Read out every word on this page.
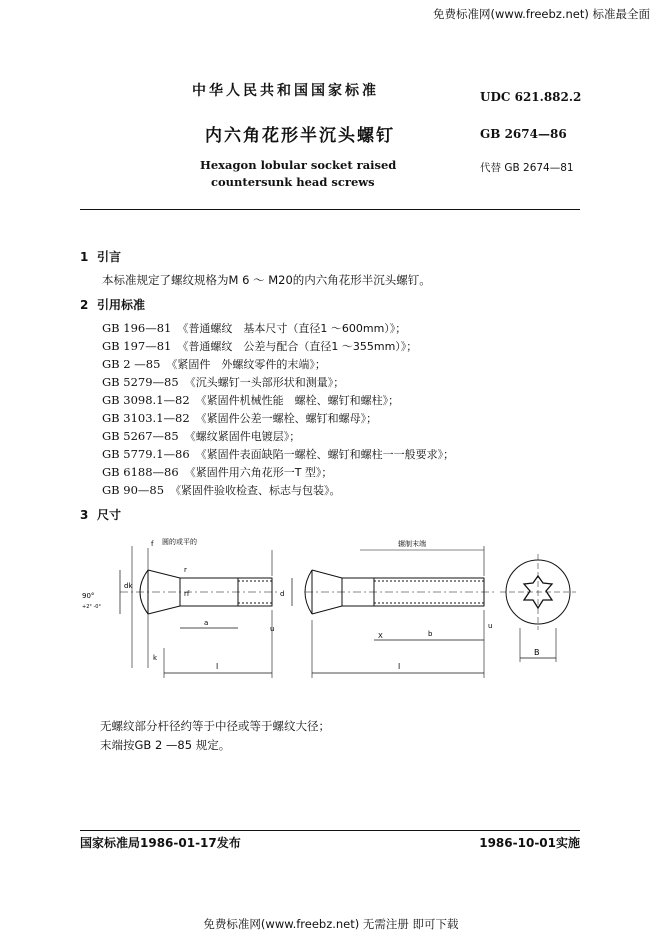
免费标准网(www.freebz.net) 标准最全面
中华人民共和国国家标准
内六角花形半沉头螺钉
Hexagon lobular socket raised
countersunk head screws
UDC 621.882.2
GB 2674—86
代替 GB 2674—81
1 引言
本标准规定了螺纹规格为M 6 ～ M20的内六角花形半沉头螺钉。
2 引用标准
GB 196—81 《普通螺纹　基本尺寸（直径1 ～600mm）》；
GB 197—81 《普通螺纹　公差与配合（直径1 ～355mm）》；
GB 2 —85 《紧固件　外螺纹零件的末端》；
GB 5279—85 《沉头螺钉一头部形状和测量》；
GB 3098.1—82 《紧固件机械性能　螺栓、螺钉和螺柱》；
GB 3103.1—82 《紧固件公差一螺栓、螺钉和螺母》；
GB 5267—85 《螺纹紧固件电镀层》；
GB 5779.1—86 《紧固件表面缺陷一螺栓、螺钉和螺柱一一般要求》；
GB 6188—86 《紧固件用六角花形一T 型》；
GB 90—85 《紧固件验收检查、标志与包装》。
3 尺寸
f 圆的或平的
r
rf
a
u
k
l
90°
+2° -0°
dk
d
辗制末端
X	b
u
l
B
无螺纹部分杆径约等于中径或等于螺纹大径；
末端按GB 2 —85 规定。
国家标准局1986-01-17发布	1986-10-01实施
免费标准网(www.freebz.net) 无需注册 即可下载
